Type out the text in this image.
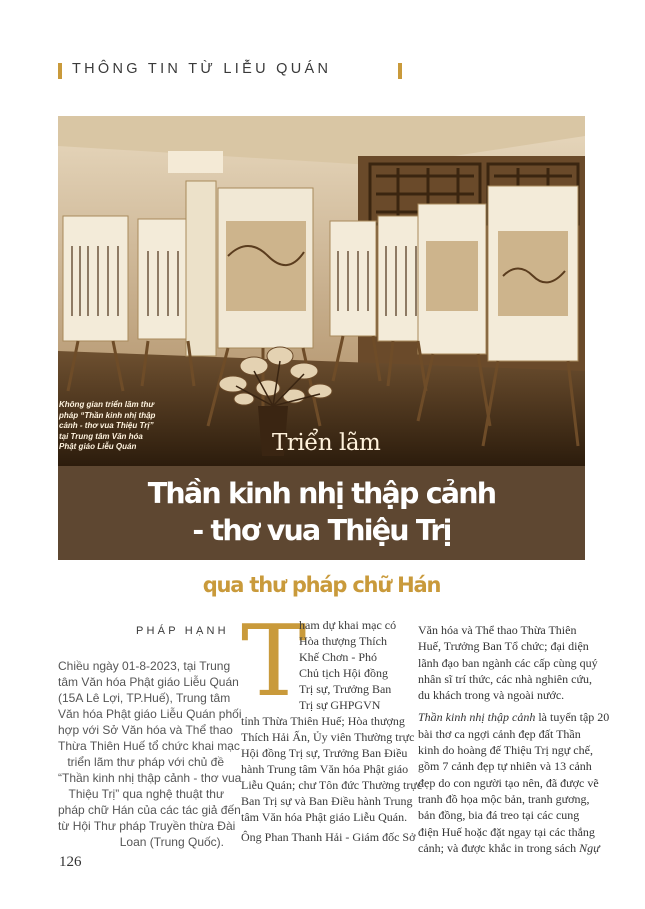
THÔNG TIN TỪ LIỄU QUÁN
Không gian triển lãm thư
pháp “Thần kinh nhị thập
cảnh - thơ vua Thiệu Trị”
tại Trung tâm Văn hóa
Phật giáo Liễu Quán	Triển lãm
Thần kinh nhị thập cảnh
- thơ vua Thiệu Trị
qua thư pháp chữ Hán
PHÁP HẠNH
Chiều ngày 01-8-2023, tại Trung
tâm Văn hóa Phật giáo Liễu Quán
(15A Lê Lợi, TP.Huế), Trung tâm
Văn hóa Phật giáo Liễu Quán phối
hợp với Sở Văn hóa và Thể thao
Thừa Thiên Huế tổ chức khai mạc
triển lãm thư pháp với chủ đề
“Thần kinh nhị thập cảnh - thơ vua
Thiệu Trị” qua nghệ thuật thư
pháp chữ Hán của các tác giả đến
từ Hội Thư pháp Truyền thừa Đài
Loan (Trung Quốc).
T
ham dự khai mạc có
Hòa thượng Thích
Khế Chơn - Phó
Chủ tịch Hội đồng
Trị sự, Trưởng Ban
Trị sự GHPGVN
tỉnh Thừa Thiên Huế; Hòa thượng
Thích Hải Ấn, Ủy viên Thường trực
Hội đồng Trị sự, Trưởng Ban Điều
hành Trung tâm Văn hóa Phật giáo
Liễu Quán; chư Tôn đức Thường trực
Ban Trị sự và Ban Điều hành Trung
tâm Văn hóa Phật giáo Liễu Quán.
Ông Phan Thanh Hải - Giám đốc Sở
Văn hóa và Thể thao Thừa Thiên
Huế, Trưởng Ban Tổ chức; đại diện
lãnh đạo ban ngành các cấp cùng quý
nhân sĩ trí thức, các nhà nghiên cứu,
du khách trong và ngoài nước.
Thần kinh nhị thập cảnh là tuyển tập 20
bài thơ ca ngợi cảnh đẹp đất Thần
kinh do hoàng đế Thiệu Trị ngự chế,
gồm 7 cảnh đẹp tự nhiên và 13 cảnh
đẹp do con người tạo nên, đã được vẽ
tranh đồ họa mộc bản, tranh gương,
bản đồng, bia đá treo tại các cung
điện Huế hoặc đặt ngay tại các thắng
cảnh; và được khắc in trong sách Ngự
126
